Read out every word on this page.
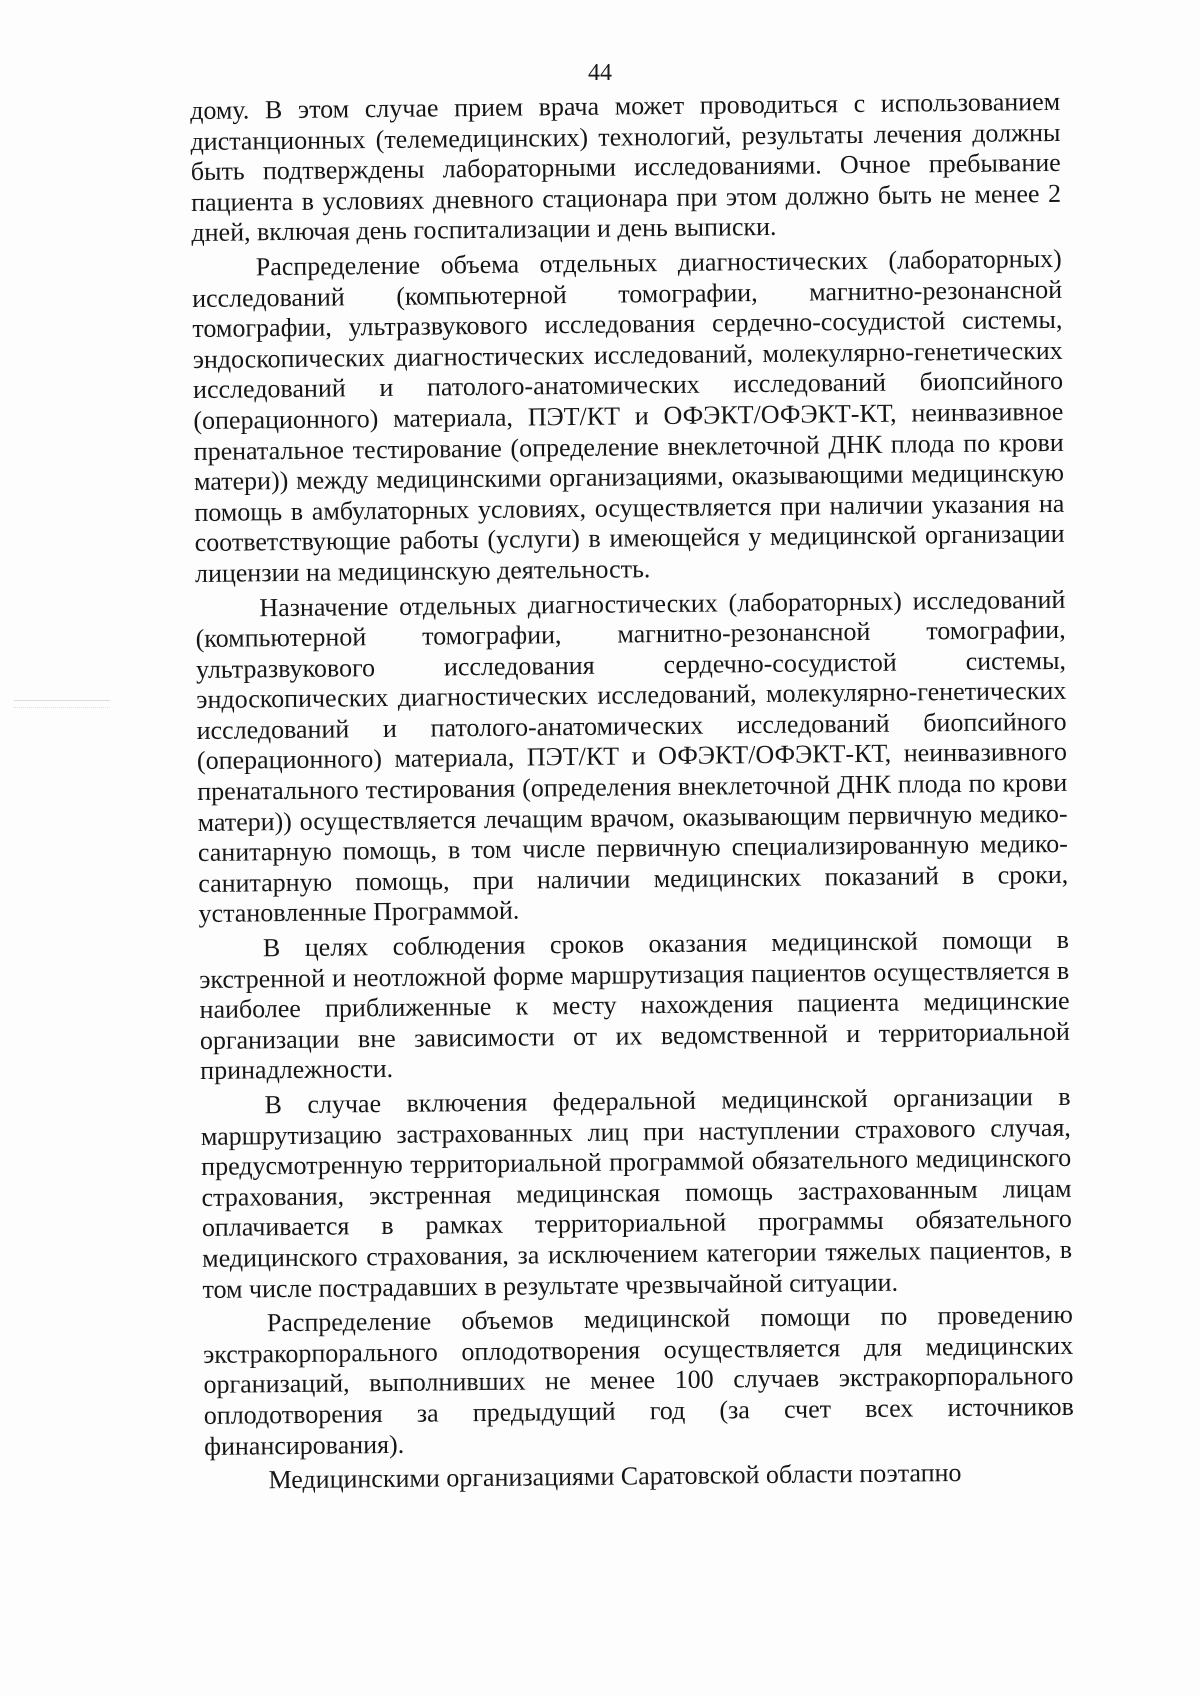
44

дому. В этом случае прием врача может проводиться с использованием дистанционных (телемедицинских) технологий, результаты лечения должны быть подтверждены лабораторными исследованиями. Очное пребывание пациента в условиях дневного стационара при этом должно быть не менее 2 дней, включая день госпитализации и день выписки.

Распределение объема отдельных диагностических (лабораторных) исследований (компьютерной томографии, магнитно-резонансной томографии, ультразвукового исследования сердечно-сосудистой системы, эндоскопических диагностических исследований, молекулярно-генетических исследований и патолого-анатомических исследований биопсийного (операционного) материала, ПЭТ/КТ и ОФЭКТ/ОФЭКТ-КТ, неинвазивное пренатальное тестирование (определение внеклеточной ДНК плода по крови матери)) между медицинскими организациями, оказывающими медицинскую помощь в амбулаторных условиях, осуществляется при наличии указания на соответствующие работы (услуги) в имеющейся у медицинской организации лицензии на медицинскую деятельность.

Назначение отдельных диагностических (лабораторных) исследований (компьютерной томографии, магнитно-резонансной томографии, ультразвукового исследования сердечно-сосудистой системы, эндоскопических диагностических исследований, молекулярно-генетических исследований и патолого-анатомических исследований биопсийного (операционного) материала, ПЭТ/КТ и ОФЭКТ/ОФЭКТ-КТ, неинвазивного пренатального тестирования (определения внеклеточной ДНК плода по крови матери)) осуществляется лечащим врачом, оказывающим первичную медико-санитарную помощь, в том числе первичную специализированную медико-санитарную помощь, при наличии медицинских показаний в сроки, установленные Программой.

В целях соблюдения сроков оказания медицинской помощи в экстренной и неотложной форме маршрутизация пациентов осуществляется в наиболее приближенные к месту нахождения пациента медицинские организации вне зависимости от их ведомственной и территориальной принадлежности.

В случае включения федеральной медицинской организации в маршрутизацию застрахованных лиц при наступлении страхового случая, предусмотренную территориальной программой обязательного медицинского страхования, экстренная медицинская помощь застрахованным лицам оплачивается в рамках территориальной программы обязательного медицинского страхования, за исключением категории тяжелых пациентов, в том числе пострадавших в результате чрезвычайной ситуации.

Распределение объемов медицинской помощи по проведению экстракорпорального оплодотворения осуществляется для медицинских организаций, выполнивших не менее 100 случаев экстракорпорального оплодотворения за предыдущий год (за счет всех источников финансирования).

Медицинскими организациями Саратовской области поэтапно
